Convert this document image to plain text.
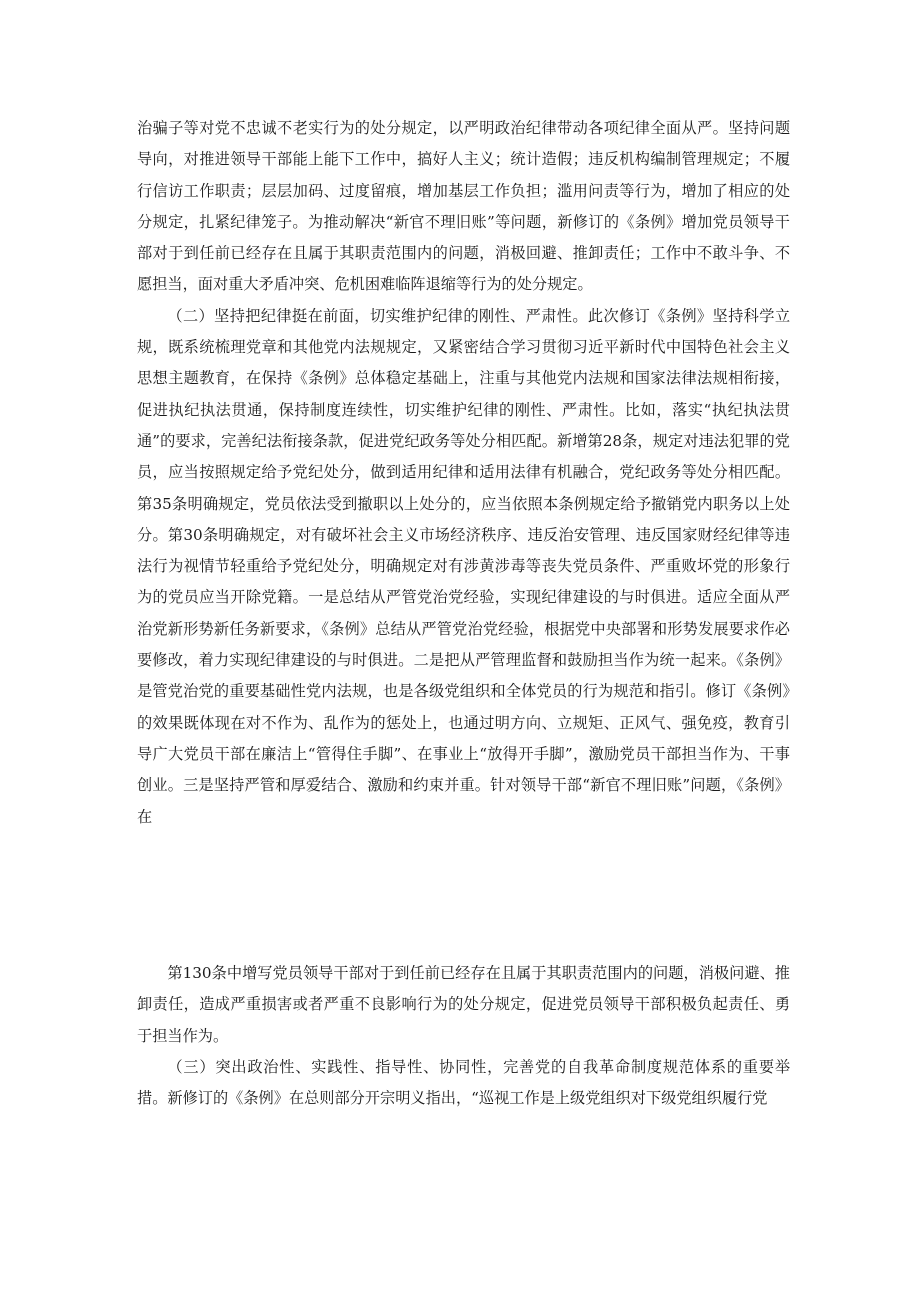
治骗子等对党不忠诚不老实行为的处分规定，以严明政治纪律带动各项纪律全面从严。坚持问题导向，对推进领导干部能上能下工作中，搞好人主义；统计造假；违反机构编制管理规定；不履行信访工作职责；层层加码、过度留痕，增加基层工作负担；滥用问责等行为，增加了相应的处分规定，扎紧纪律笼子。为推动解决“新官不理旧账”等问题，新修订的《条例》增加党员领导干部对于到任前已经存在且属于其职责范围内的问题，消极回避、推卸责任；工作中不敢斗争、不愿担当，面对重大矛盾冲突、危机困难临阵退缩等行为的处分规定。

（二）坚持把纪律挺在前面，切实维护纪律的刚性、严肃性。此次修订《条例》坚持科学立规，既系统梳理党章和其他党内法规规定，又紧密结合学习贯彻习近平新时代中国特色社会主义思想主题教育，在保持《条例》总体稳定基础上，注重与其他党内法规和国家法律法规相衔接，促进执纪执法贯通，保持制度连续性，切实维护纪律的刚性、严肃性。比如，落实“执纪执法贯通”的要求，完善纪法衔接条款，促进党纪政务等处分相匹配。新增第28条，规定对违法犯罪的党员，应当按照规定给予党纪处分，做到适用纪律和适用法律有机融合，党纪政务等处分相匹配。第35条明确规定，党员依法受到撤职以上处分的，应当依照本条例规定给予撤销党内职务以上处分。第30条明确规定，对有破坏社会主义市场经济秩序、违反治安管理、违反国家财经纪律等违法行为视情节轻重给予党纪处分，明确规定对有涉黄涉毒等丧失党员条件、严重败坏党的形象行为的党员应当开除党籍。一是总结从严管党治党经验，实现纪律建设的与时俱进。适应全面从严治党新形势新任务新要求，《条例》总结从严管党治党经验，根据党中央部署和形势发展要求作必要修改，着力实现纪律建设的与时俱进。二是把从严管理监督和鼓励担当作为统一起来。《条例》是管党治党的重要基础性党内法规，也是各级党组织和全体党员的行为规范和指引。修订《条例》的效果既体现在对不作为、乱作为的惩处上，也通过明方向、立规矩、正风气、强免疫，教育引导广大党员干部在廉洁上“管得住手脚”、在事业上“放得开手脚”，激励党员干部担当作为、干事创业。三是坚持严管和厚爱结合、激励和约束并重。针对领导干部“新官不理旧账”问题，《条例》在

第130条中增写党员领导干部对于到任前已经存在且属于其职责范围内的问题，消极问避、推卸责任，造成严重损害或者严重不良影响行为的处分规定，促进党员领导干部积极负起责任、勇于担当作为。

（三）突出政治性、实践性、指导性、协同性，完善党的自我革命制度规范体系的重要举措。新修订的《条例》在总则部分开宗明义指出，“巡视工作是上级党组织对下级党组织履行党
